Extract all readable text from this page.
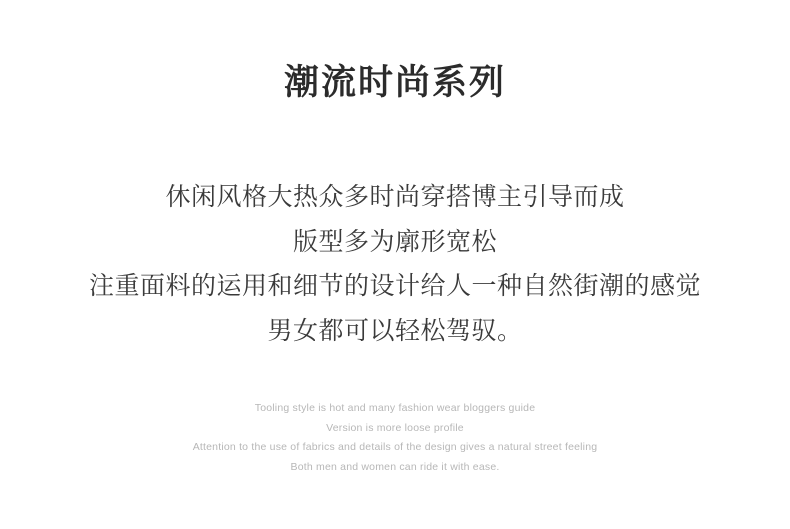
潮流时尚系列
休闲风格大热众多时尚穿搭博主引导而成
版型多为廓形宽松
注重面料的运用和细节的设计给人一种自然街潮的感觉
男女都可以轻松驾驭。
Tooling style is hot and many fashion wear bloggers guide
Version is more loose profile
Attention to the use of fabrics and details of the design gives a natural street feeling
Both men and women can ride it with ease.
